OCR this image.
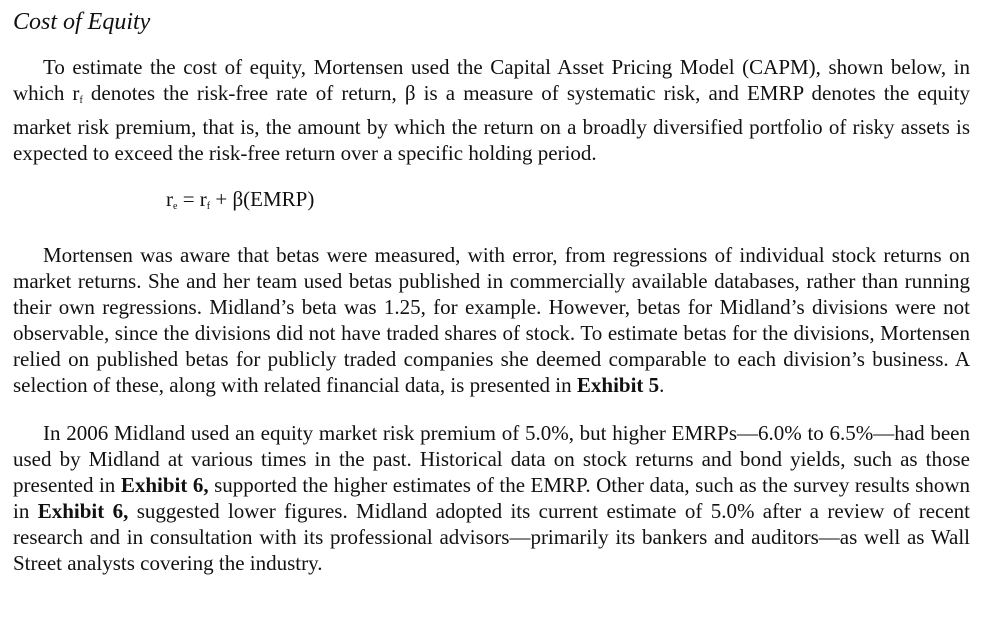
Cost of Equity

To estimate the cost of equity, Mortensen used the Capital Asset Pricing Model (CAPM), shown below, in which $r_f$ denotes the risk-free rate of return, β is a measure of systematic risk, and EMRP denotes the equity market risk premium, that is, the amount by which the return on a broadly diversified portfolio of risky assets is expected to exceed the risk-free return over a specific holding period.

$r_e = r_f$ + β(EMRP)

Mortensen was aware that betas were measured, with error, from regressions of individual stock returns on market returns. She and her team used betas published in commercially available databases, rather than running their own regressions. Midland’s beta was 1.25, for example. However, betas for Midland’s divisions were not observable, since the divisions did not have traded shares of stock. To estimate betas for the divisions, Mortensen relied on published betas for publicly traded companies she deemed comparable to each division’s business. A selection of these, along with related financial data, is presented in Exhibit 5.

In 2006 Midland used an equity market risk premium of 5.0%, but higher EMRPs—6.0% to 6.5%—had been used by Midland at various times in the past. Historical data on stock returns and bond yields, such as those presented in Exhibit 6, supported the higher estimates of the EMRP. Other data, such as the survey results shown in Exhibit 6, suggested lower figures. Midland adopted its current estimate of 5.0% after a review of recent research and in consultation with its professional advisors—primarily its bankers and auditors—as well as Wall Street analysts covering the industry.
